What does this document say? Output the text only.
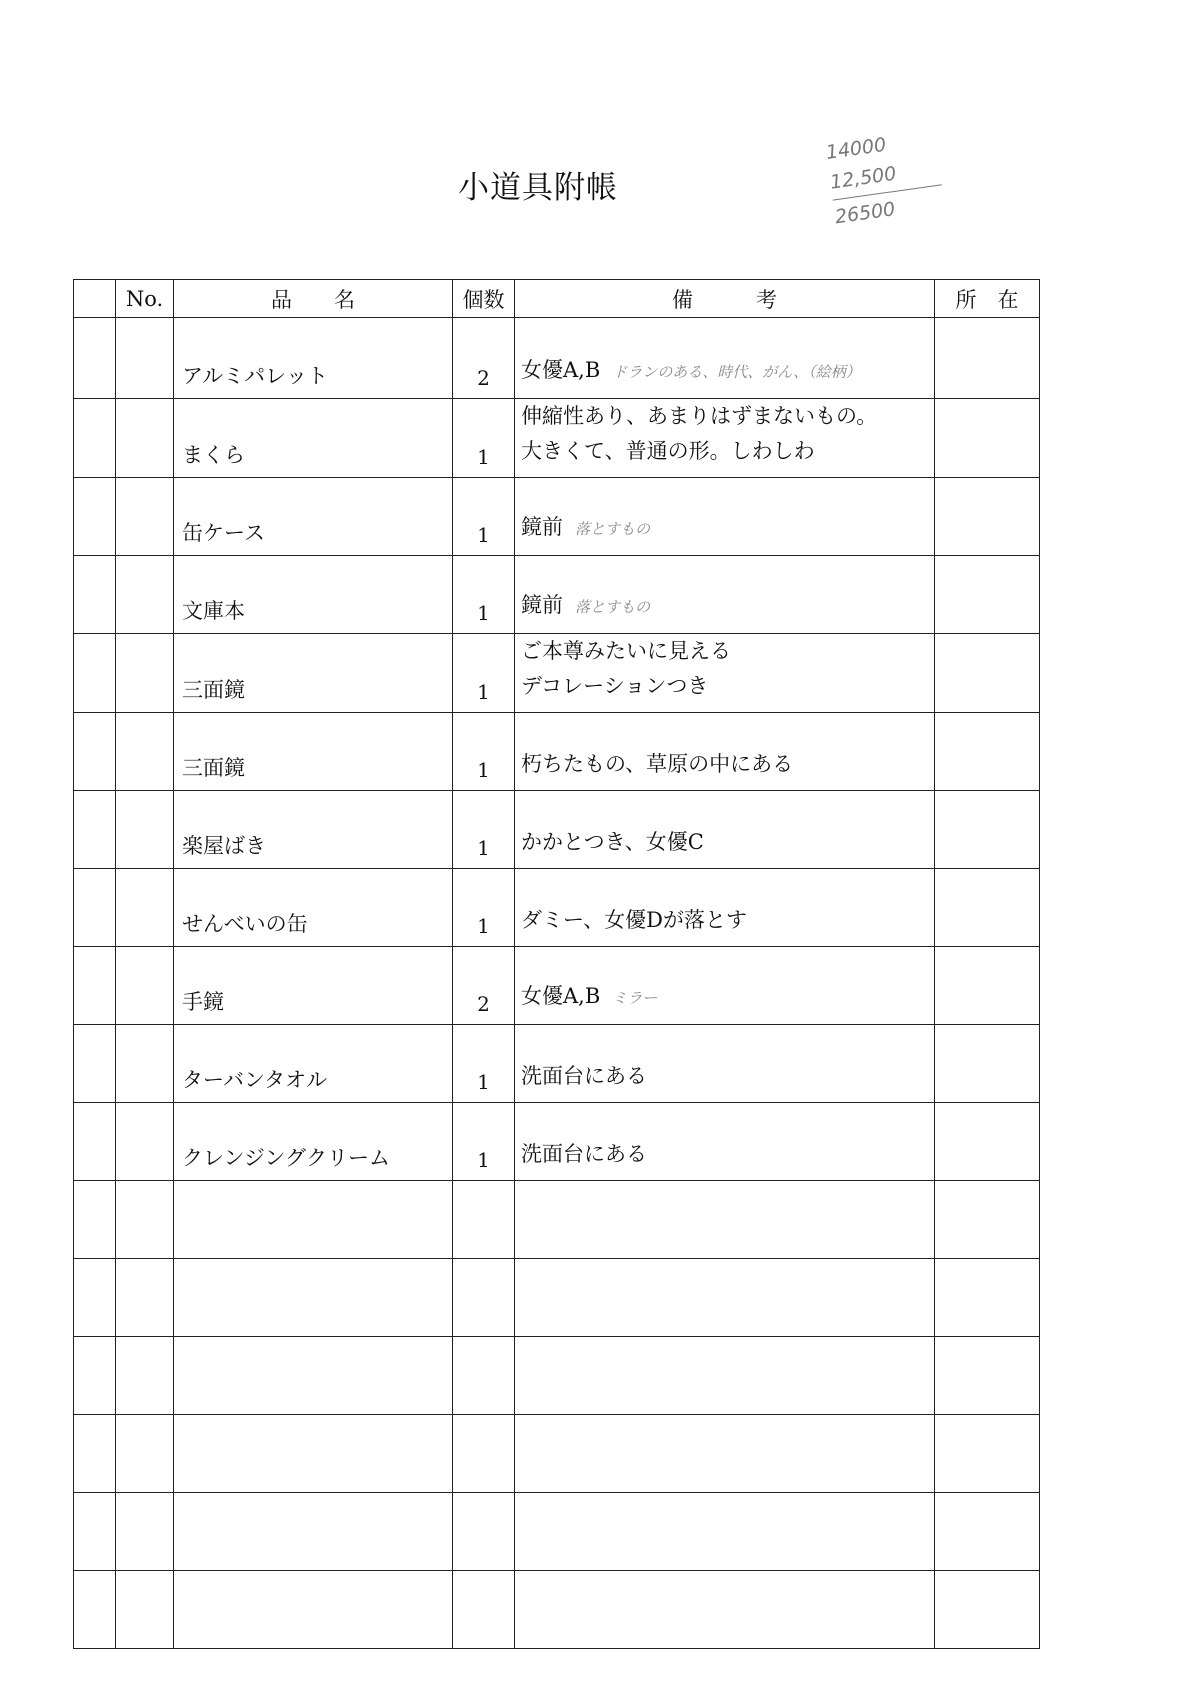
小道具附帳
14000
12,500
26500
	No.	品　　名	個数	備　　　考	所　在
		アルミパレット	2	女優A,B ドランのある、時代、がん、（絵柄）	

		まくら	1	伸縮性あり、あまりはずまないもの。
大きくて、普通の形。しわしわ	

		缶ケース	1	鏡前 落とすもの	

		文庫本	1	鏡前 落とすもの	

		三面鏡	1	ご本尊みたいに見える
デコレーションつき	

		三面鏡	1	朽ちたもの、草原の中にある	

		楽屋ばき	1	かかとつき、女優C	

		せんべいの缶	1	ダミー、女優Dが落とす	

		手鏡	2	女優A,B ミラー	

		ターバンタオル	1	洗面台にある	

		クレンジングクリーム	1	洗面台にある	
